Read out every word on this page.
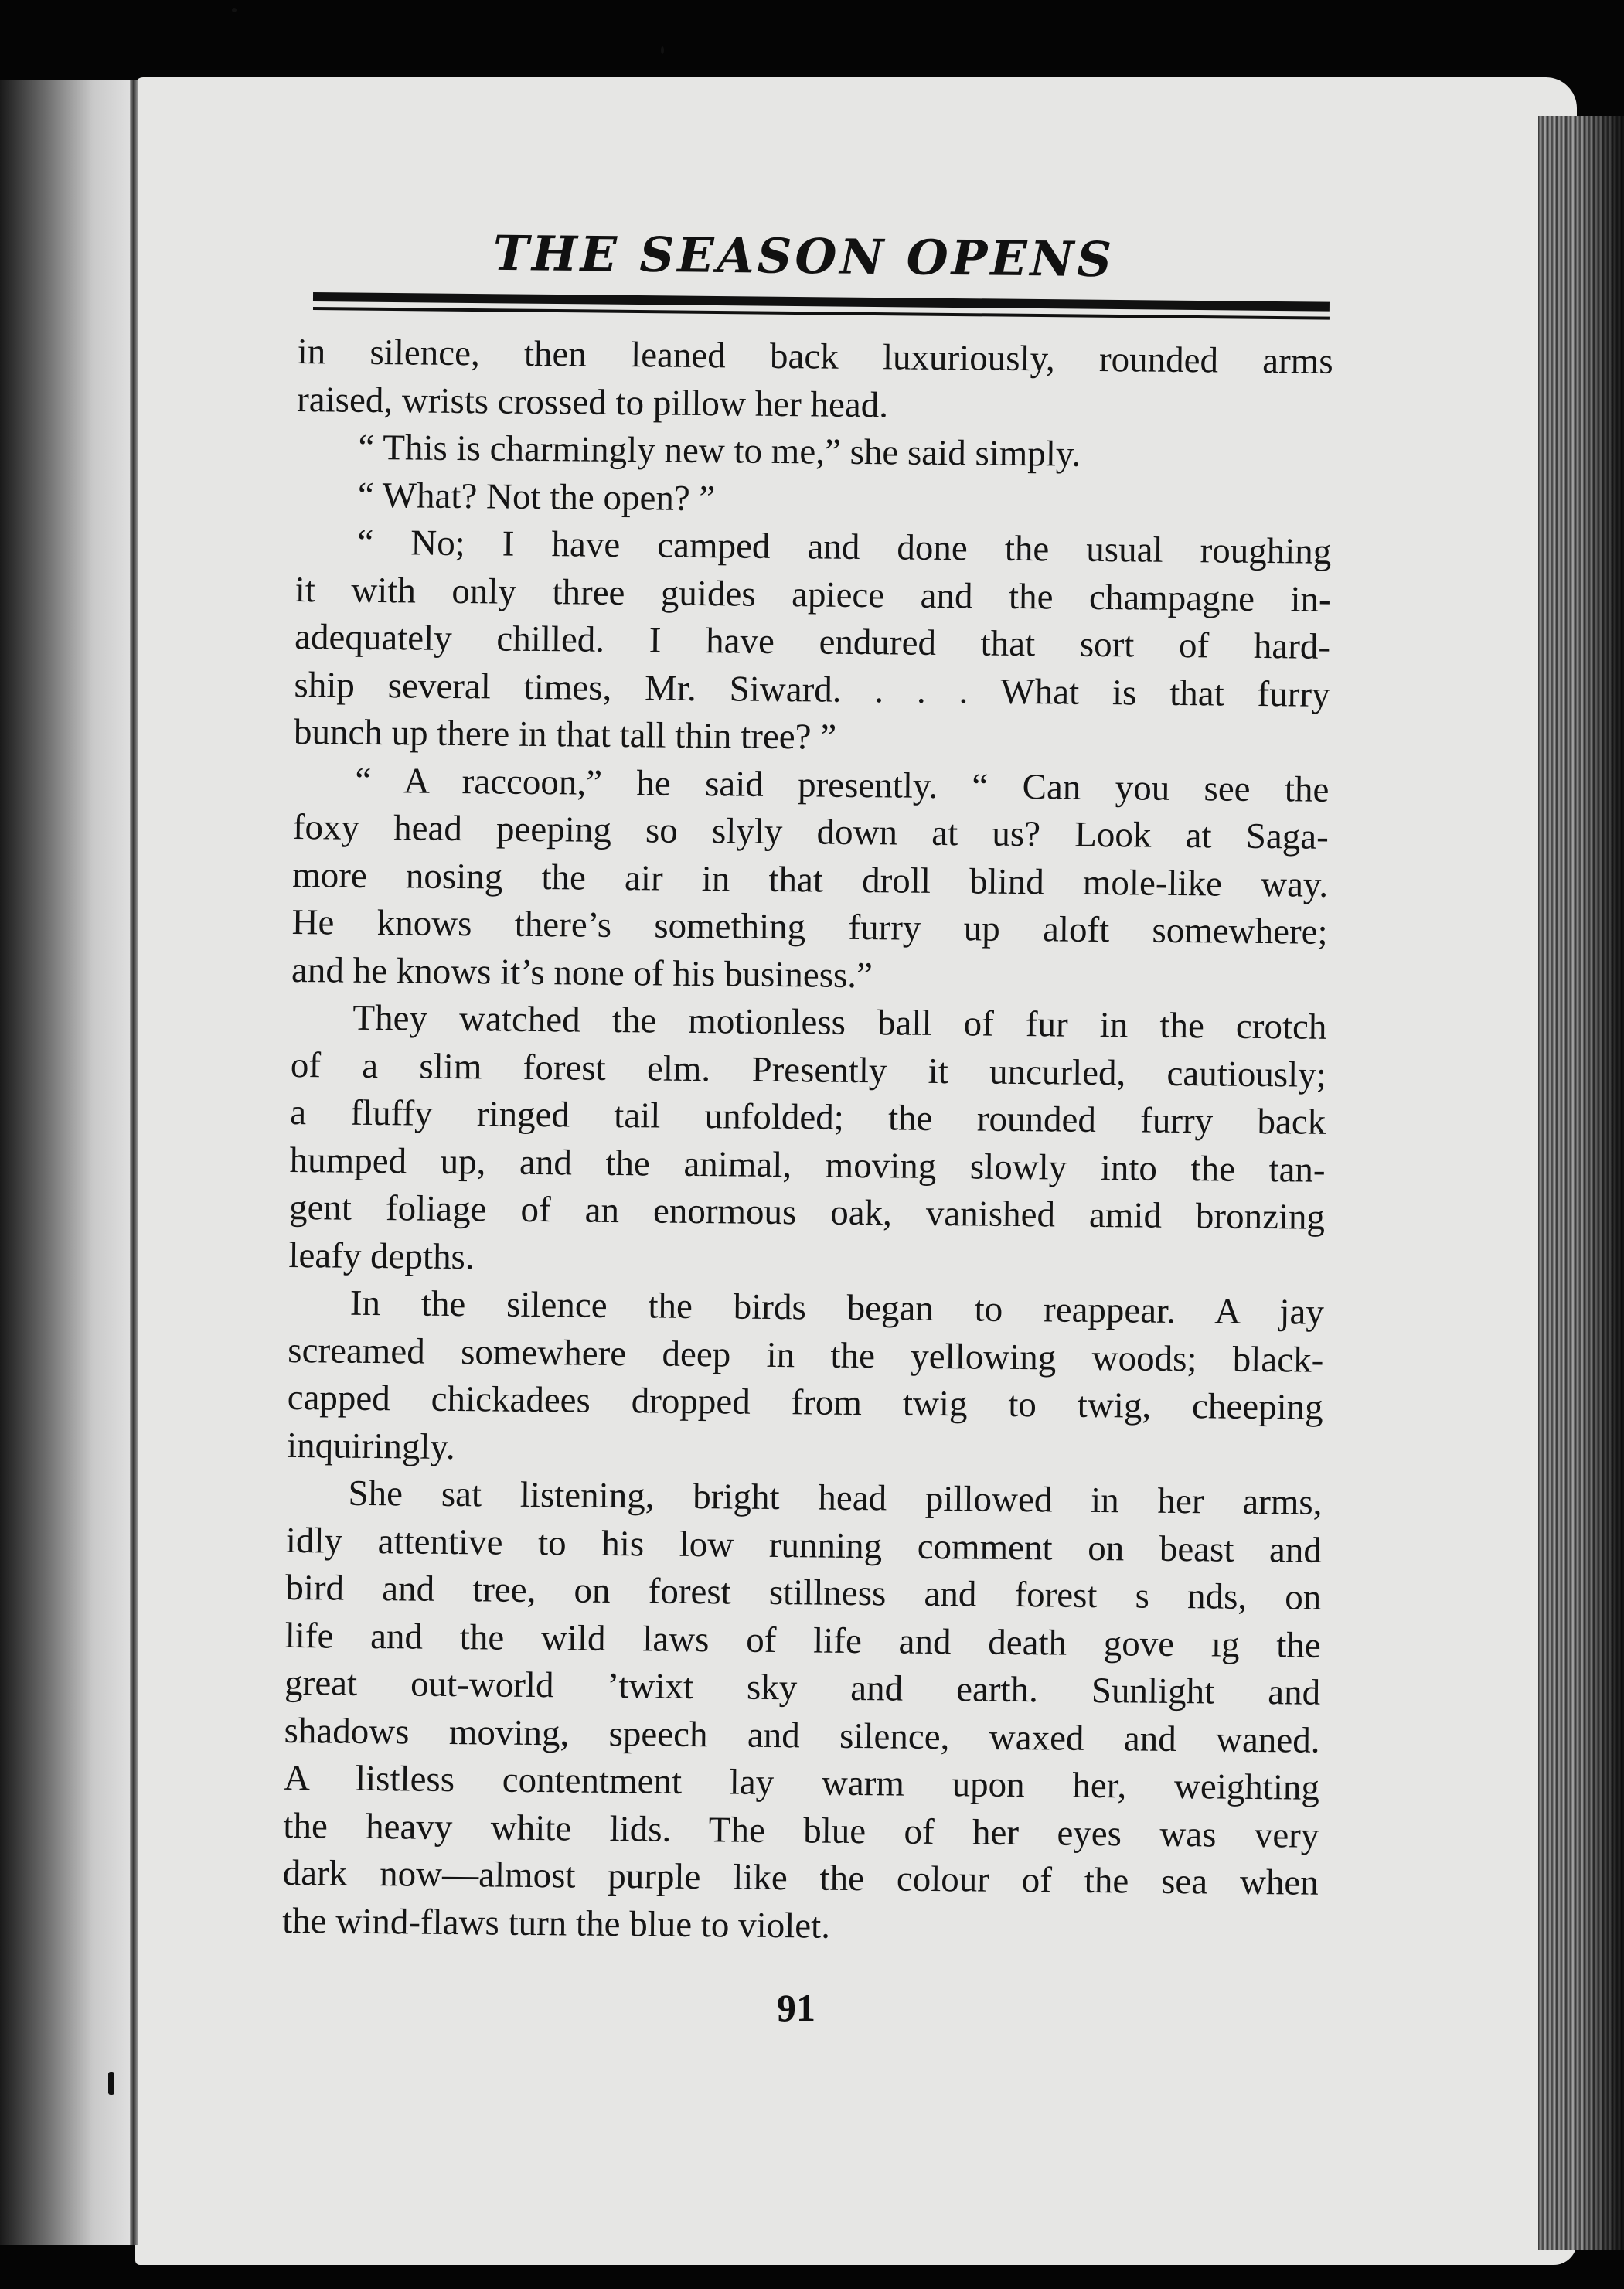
THE SEASON OPENS
in silence, then leaned back luxuriously, rounded arms
raised, wrists crossed to pillow her head.
“ This is charmingly new to me,” she said simply.
“ What? Not the open? ”
“ No; I have camped and done the usual roughing
it with only three guides apiece and the champagne in-
adequately chilled. I have endured that sort of hard-
ship several times, Mr. Siward. . . . What is that furry
bunch up there in that tall thin tree? ”
“ A raccoon,” he said presently. “ Can you see the
foxy head peeping so slyly down at us? Look at Saga-
more nosing the air in that droll blind mole-like way.
He knows there’s something furry up aloft somewhere;
and he knows it’s none of his business.”
They watched the motionless ball of fur in the crotch
of a slim forest elm. Presently it uncurled, cautiously;
a fluffy ringed tail unfolded; the rounded furry back
humped up, and the animal, moving slowly into the tan-
gent foliage of an enormous oak, vanished amid bronzing
leafy depths.
In the silence the birds began to reappear. A jay
screamed somewhere deep in the yellowing woods; black-
capped chickadees dropped from twig to twig, cheeping
inquiringly.
She sat listening, bright head pillowed in her arms,
idly attentive to his low running comment on beast and
bird and tree, on forest stillness and forest s nds, on
life and the wild laws of life and death gove ıg the
great out-world ’twixt sky and earth. Sunlight and
shadows moving, speech and silence, waxed and waned.
A listless contentment lay warm upon her, weighting
the heavy white lids. The blue of her eyes was very
dark now—almost purple like the colour of the sea when
the wind-flaws turn the blue to violet.
91
